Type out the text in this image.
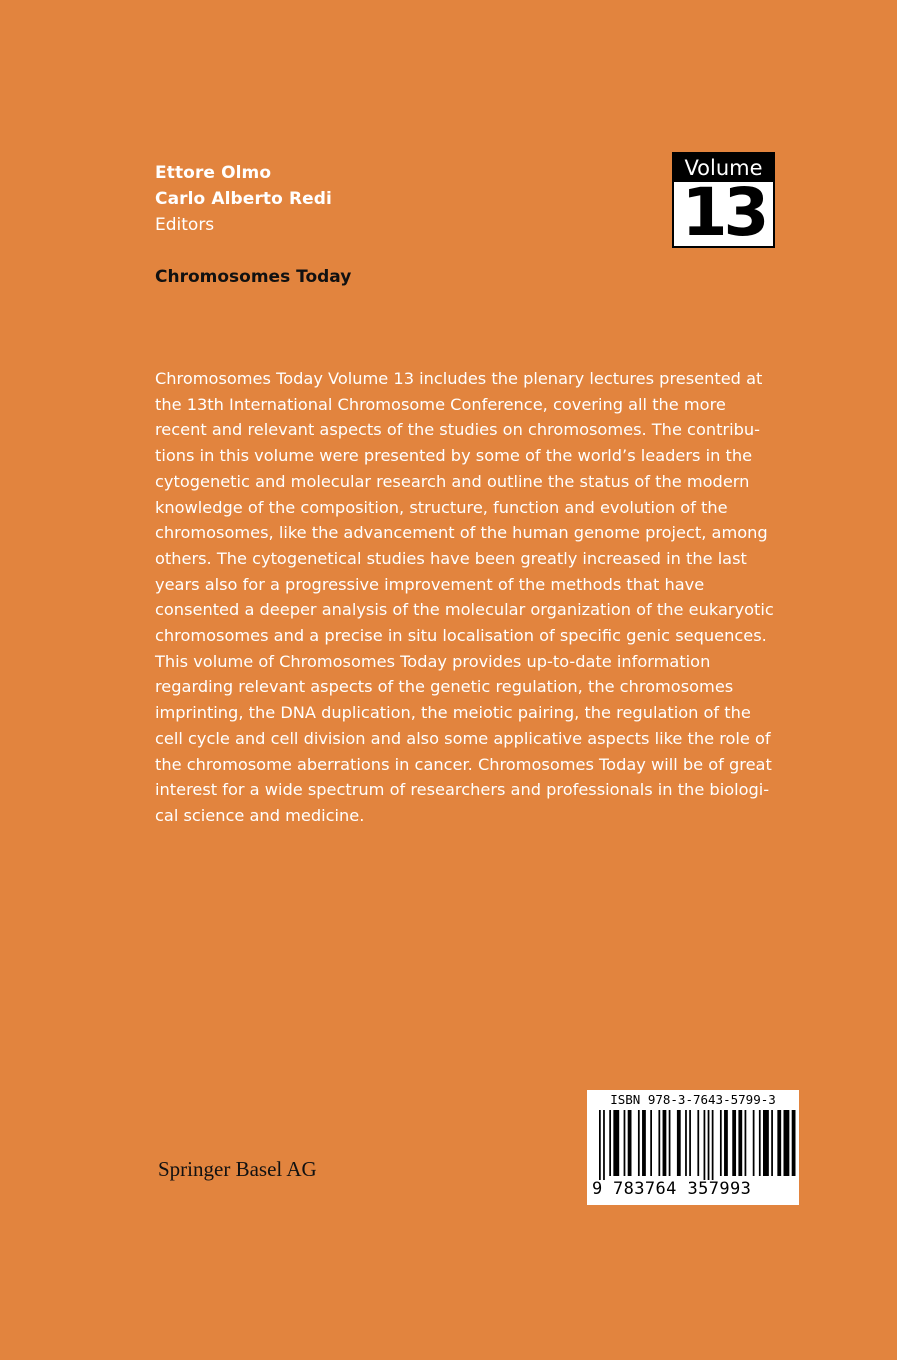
Ettore Olmo
Carlo Alberto Redi
Editors
Chromosomes Today
Volume
13
Chromosomes Today Volume 13 includes the plenary lectures presented at
the 13th International Chromosome Conference, covering all the more
recent and relevant aspects of the studies on chromosomes. The contribu-
tions in this volume were presented by some of the world’s leaders in the
cytogenetic and molecular research and outline the status of the modern
knowledge of the composition, structure, function and evolution of the
chromosomes, like the advancement of the human genome project, among
others. The cytogenetical studies have been greatly increased in the last
years also for a progressive improvement of the methods that have
consented a deeper analysis of the molecular organization of the eukaryotic
chromosomes and a precise in situ localisation of specific genic sequences.
This volume of Chromosomes Today provides up-to-date information
regarding relevant aspects of the genetic regulation, the chromosomes
imprinting, the DNA duplication, the meiotic pairing, the regulation of the
cell cycle and cell division and also some applicative aspects like the role of
the chromosome aberrations in cancer. Chromosomes Today will be of great
interest for a wide spectrum of researchers and professionals in the biologi-
cal science and medicine.
Springer Basel AG
ISBN 978-3-7643-5799-3
9 783764 357993
